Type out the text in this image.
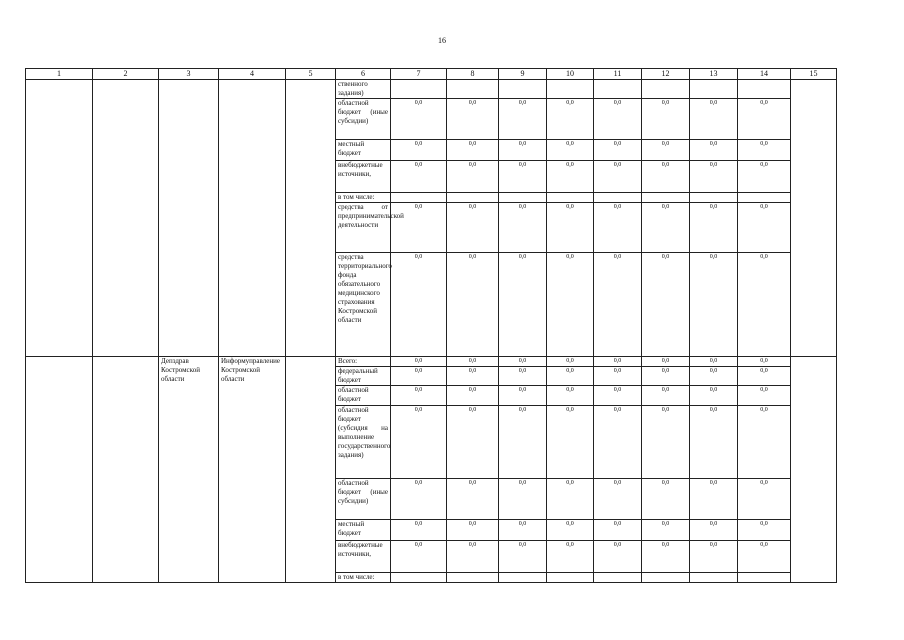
16
1	2	3	4	5	6	7	8	9	10	11	12	13	14	15
					ственного задания)									
					областной бюджет (иные субсидии)	0,0	0,0	0,0	0,0	0,0	0,0	0,0	0,0	
					местный бюджет	0,0	0,0	0,0	0,0	0,0	0,0	0,0	0,0	
					внебюджетные источники,	0,0	0,0	0,0	0,0	0,0	0,0	0,0	0,0	
					в том числе:									
					средства от предпринимательской деятельности	0,0	0,0	0,0	0,0	0,0	0,0	0,0	0,0	
					средства территориального фонда обязательного медицинского страхования Костромской области	0,0	0,0	0,0	0,0	0,0	0,0	0,0	0,0	
		Депздрав Костромской области	Информуправление Костромской области		Всего:	0,0	0,0	0,0	0,0	0,0	0,0	0,0	0,0	
					федеральный бюджет	0,0	0,0	0,0	0,0	0,0	0,0	0,0	0,0	
					областной бюджет	0,0	0,0	0,0	0,0	0,0	0,0	0,0	0,0	
					областной бюджет (субсидия на выполнение государственного задания)	0,0	0,0	0,0	0,0	0,0	0,0	0,0	0,0	
					областной бюджет (иные субсидии)	0,0	0,0	0,0	0,0	0,0	0,0	0,0	0,0	
					местный бюджет	0,0	0,0	0,0	0,0	0,0	0,0	0,0	0,0	
					внебюджетные источники,	0,0	0,0	0,0	0,0	0,0	0,0	0,0	0,0	
					в том числе:									
